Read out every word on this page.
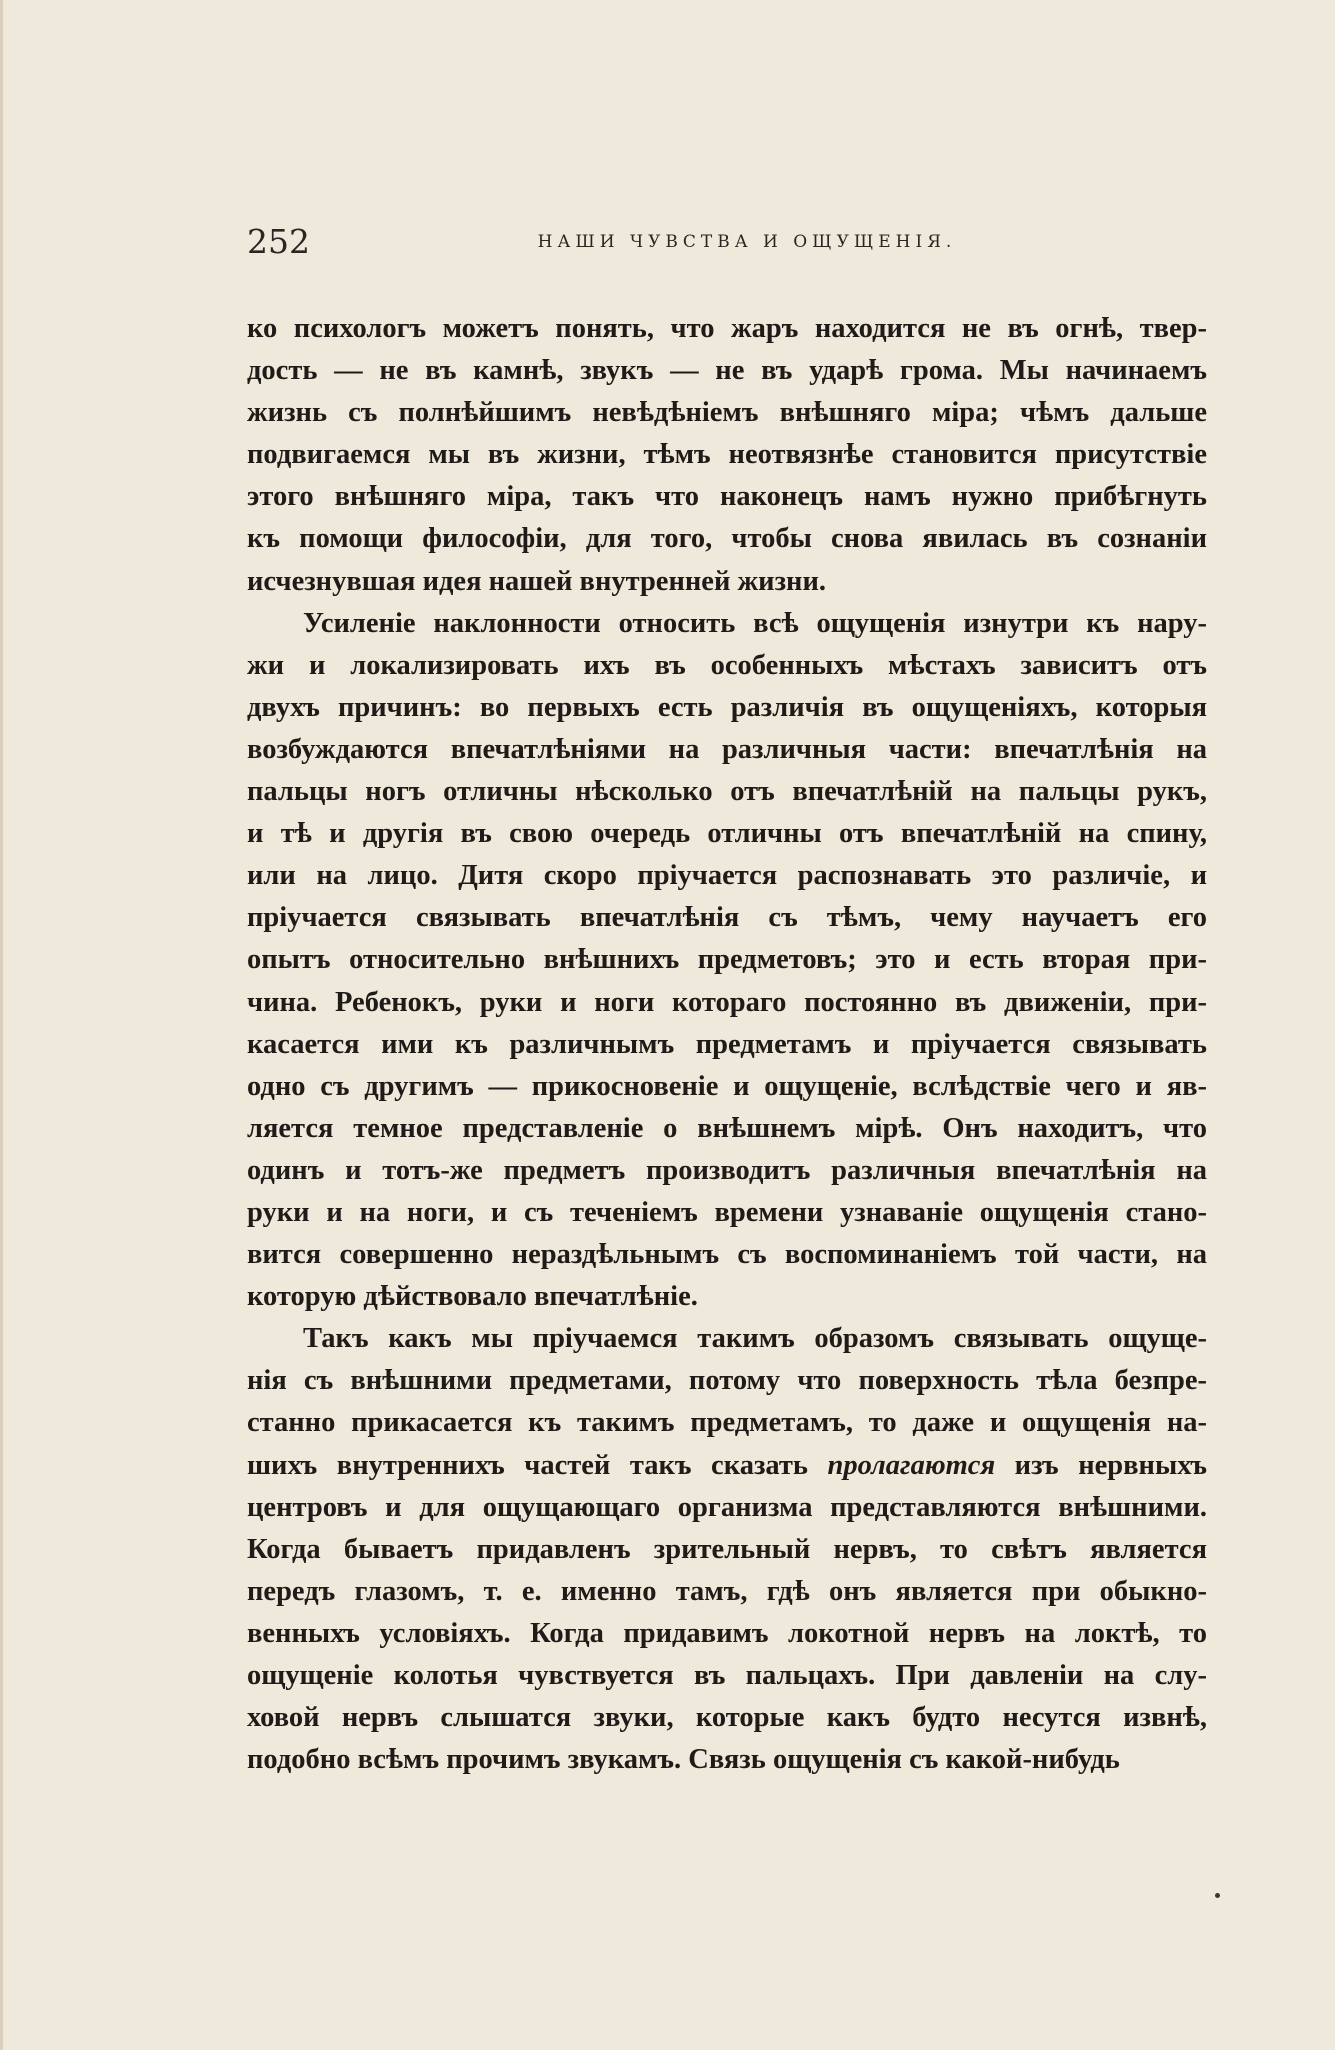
252	НАШИ ЧУВСТВА И ОЩУЩЕНІЯ.
ко психологъ можетъ понять, что жаръ находится не въ огнѣ, твер-
дость — не въ камнѣ, звукъ — не въ ударѣ грома. Мы начинаемъ
жизнь съ полнѣйшимъ невѣдѣніемъ внѣшняго міра; чѣмъ дальше
подвигаемся мы въ жизни, тѣмъ неотвязнѣе становится присутствіе
этого внѣшняго міра, такъ что наконецъ намъ нужно прибѣгнуть
къ помощи философіи, для того, чтобы снова явилась въ сознаніи
исчезнувшая идея нашей внутренней жизни.
Усиленіе наклонности относить всѣ ощущенія изнутри къ нару-
жи и локализировать ихъ въ особенныхъ мѣстахъ зависитъ отъ
двухъ причинъ: во первыхъ есть различія въ ощущеніяхъ, которыя
возбуждаются впечатлѣніями на различныя части: впечатлѣнія на
пальцы ногъ отличны нѣсколько отъ впечатлѣній на пальцы рукъ,
и тѣ и другія въ свою очередь отличны отъ впечатлѣній на спину,
или на лицо. Дитя скоро пріучается распознавать это различіе, и
пріучается связывать впечатлѣнія съ тѣмъ, чему научаетъ его
опытъ относительно внѣшнихъ предметовъ; это и есть вторая при-
чина. Ребенокъ, руки и ноги котораго постоянно въ движеніи, при-
касается ими къ различнымъ предметамъ и пріучается связывать
одно съ другимъ — прикосновеніе и ощущеніе, вслѣдствіе чего и яв-
ляется темное представленіе о внѣшнемъ мірѣ. Онъ находитъ, что
одинъ и тотъ-же предметъ производитъ различныя впечатлѣнія на
руки и на ноги, и съ теченіемъ времени узнаваніе ощущенія стано-
вится совершенно нераздѣльнымъ съ воспоминаніемъ той части, на
которую дѣйствовало впечатлѣніе.
Такъ какъ мы пріучаемся такимъ образомъ связывать ощуще-
нія съ внѣшними предметами, потому что поверхность тѣла безпре-
станно прикасается къ такимъ предметамъ, то даже и ощущенія на-
шихъ внутреннихъ частей такъ сказать пролагаются изъ нервныхъ
центровъ и для ощущающаго организма представляются внѣшними.
Когда бываетъ придавленъ зрительный нервъ, то свѣтъ является
передъ глазомъ, т. е. именно тамъ, гдѣ онъ является при обыкно-
венныхъ условіяхъ. Когда придавимъ локотной нервъ на локтѣ, то
ощущеніе колотья чувствуется въ пальцахъ. При давленіи на слу-
ховой нервъ слышатся звуки, которые какъ будто несутся извнѣ,
подобно всѣмъ прочимъ звукамъ. Связь ощущенія съ какой-нибудь
